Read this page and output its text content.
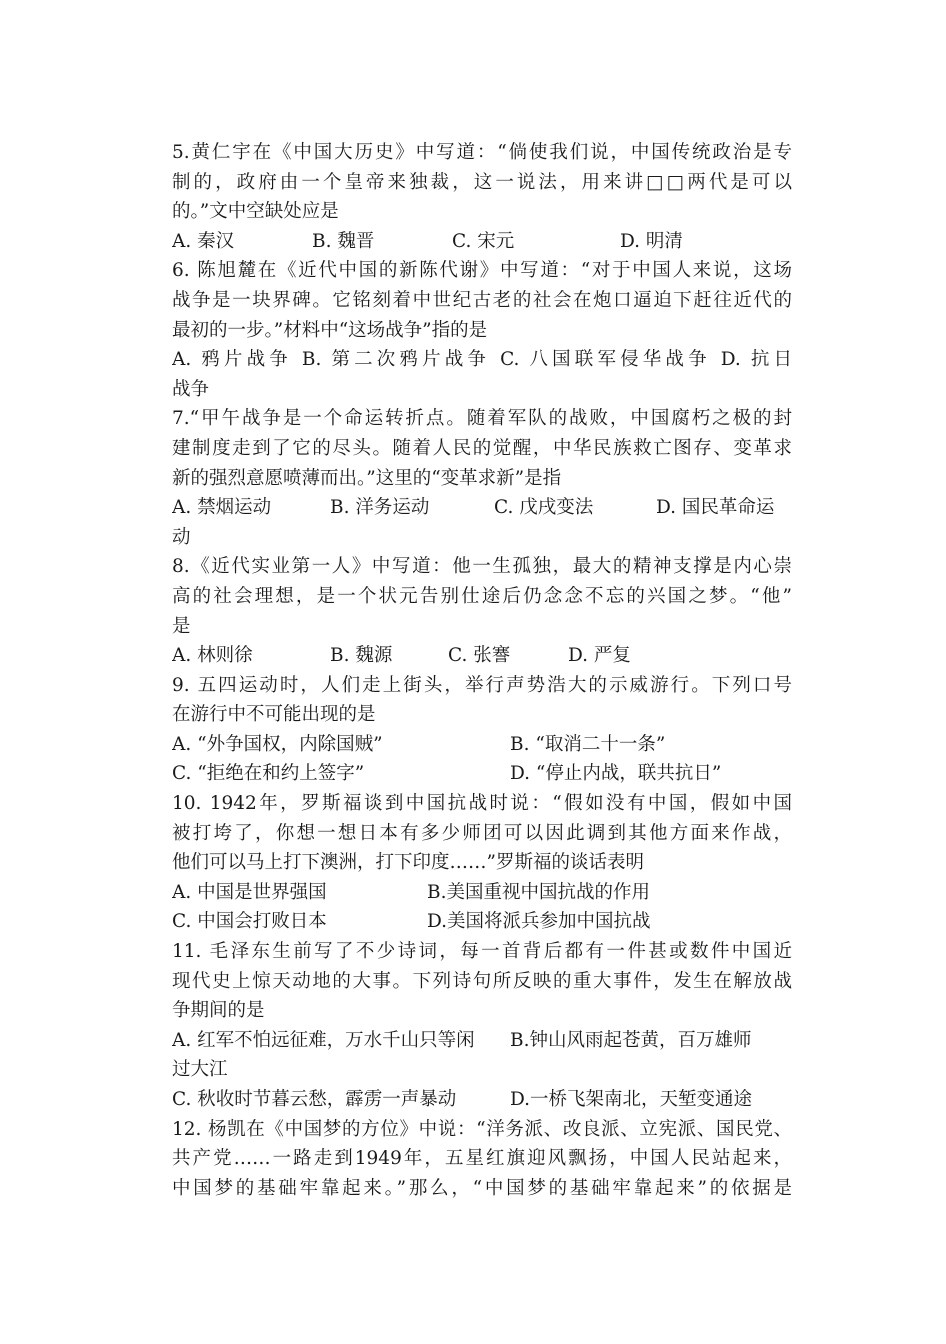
5.黄仁宇在《中国大历史》中写道：“倘使我们说，中国传统政治是专
制的，政府由一个皇帝来独裁，这一说法，用来讲□□两代是可以
的。”文中空缺处应是
A. 秦汉	B. 魏晋	C. 宋元	D. 明清
6. 陈旭麓在《近代中国的新陈代谢》中写道：“对于中国人来说，这场
战争是一块界碑。它铭刻着中世纪古老的社会在炮口逼迫下赶往近代的
最初的一步。”材料中“这场战争”指的是
A. 鸦片战争 B. 第二次鸦片战争 C. 八国联军侵华战争 D. 抗日
战争
7.“甲午战争是一个命运转折点。随着军队的战败，中国腐朽之极的封
建制度走到了它的尽头。随着人民的觉醒，中华民族救亡图存、变革求
新的强烈意愿喷薄而出。”这里的“变革求新”是指
A. 禁烟运动	B. 洋务运动	C. 戊戌变法	D. 国民革命运
动
8.《近代实业第一人》中写道：他一生孤独，最大的精神支撑是内心崇
高的社会理想，是一个状元告别仕途后仍念念不忘的兴国之梦。“他”
是
A. 林则徐	B. 魏源	C. 张謇	D. 严复
9. 五四运动时，人们走上街头，举行声势浩大的示威游行。下列口号
在游行中不可能出现的是
A. “外争国权，内除国贼”	B. “取消二十一条”
C. “拒绝在和约上签字”	D. “停止内战，联共抗日”
10. 1942年，罗斯福谈到中国抗战时说：“假如没有中国，假如中国
被打垮了，你想一想日本有多少师团可以因此调到其他方面来作战，
他们可以马上打下澳洲，打下印度……”罗斯福的谈话表明
A. 中国是世界强国	B.美国重视中国抗战的作用
C. 中国会打败日本	D.美国将派兵参加中国抗战
11. 毛泽东生前写了不少诗词，每一首背后都有一件甚或数件中国近
现代史上惊天动地的大事。下列诗句所反映的重大事件，发生在解放战
争期间的是
A. 红军不怕远征难，万水千山只等闲	B.钟山风雨起苍黄，百万雄师
过大江
C. 秋收时节暮云愁，霹雳一声暴动	D.一桥飞架南北，天堑变通途
12. 杨凯在《中国梦的方位》中说：“洋务派、改良派、立宪派、国民党、
共产党……一路走到1949年，五星红旗迎风飘扬，中国人民站起来，
中国梦的基础牢靠起来。”那么，“中国梦的基础牢靠起来”的依据是
